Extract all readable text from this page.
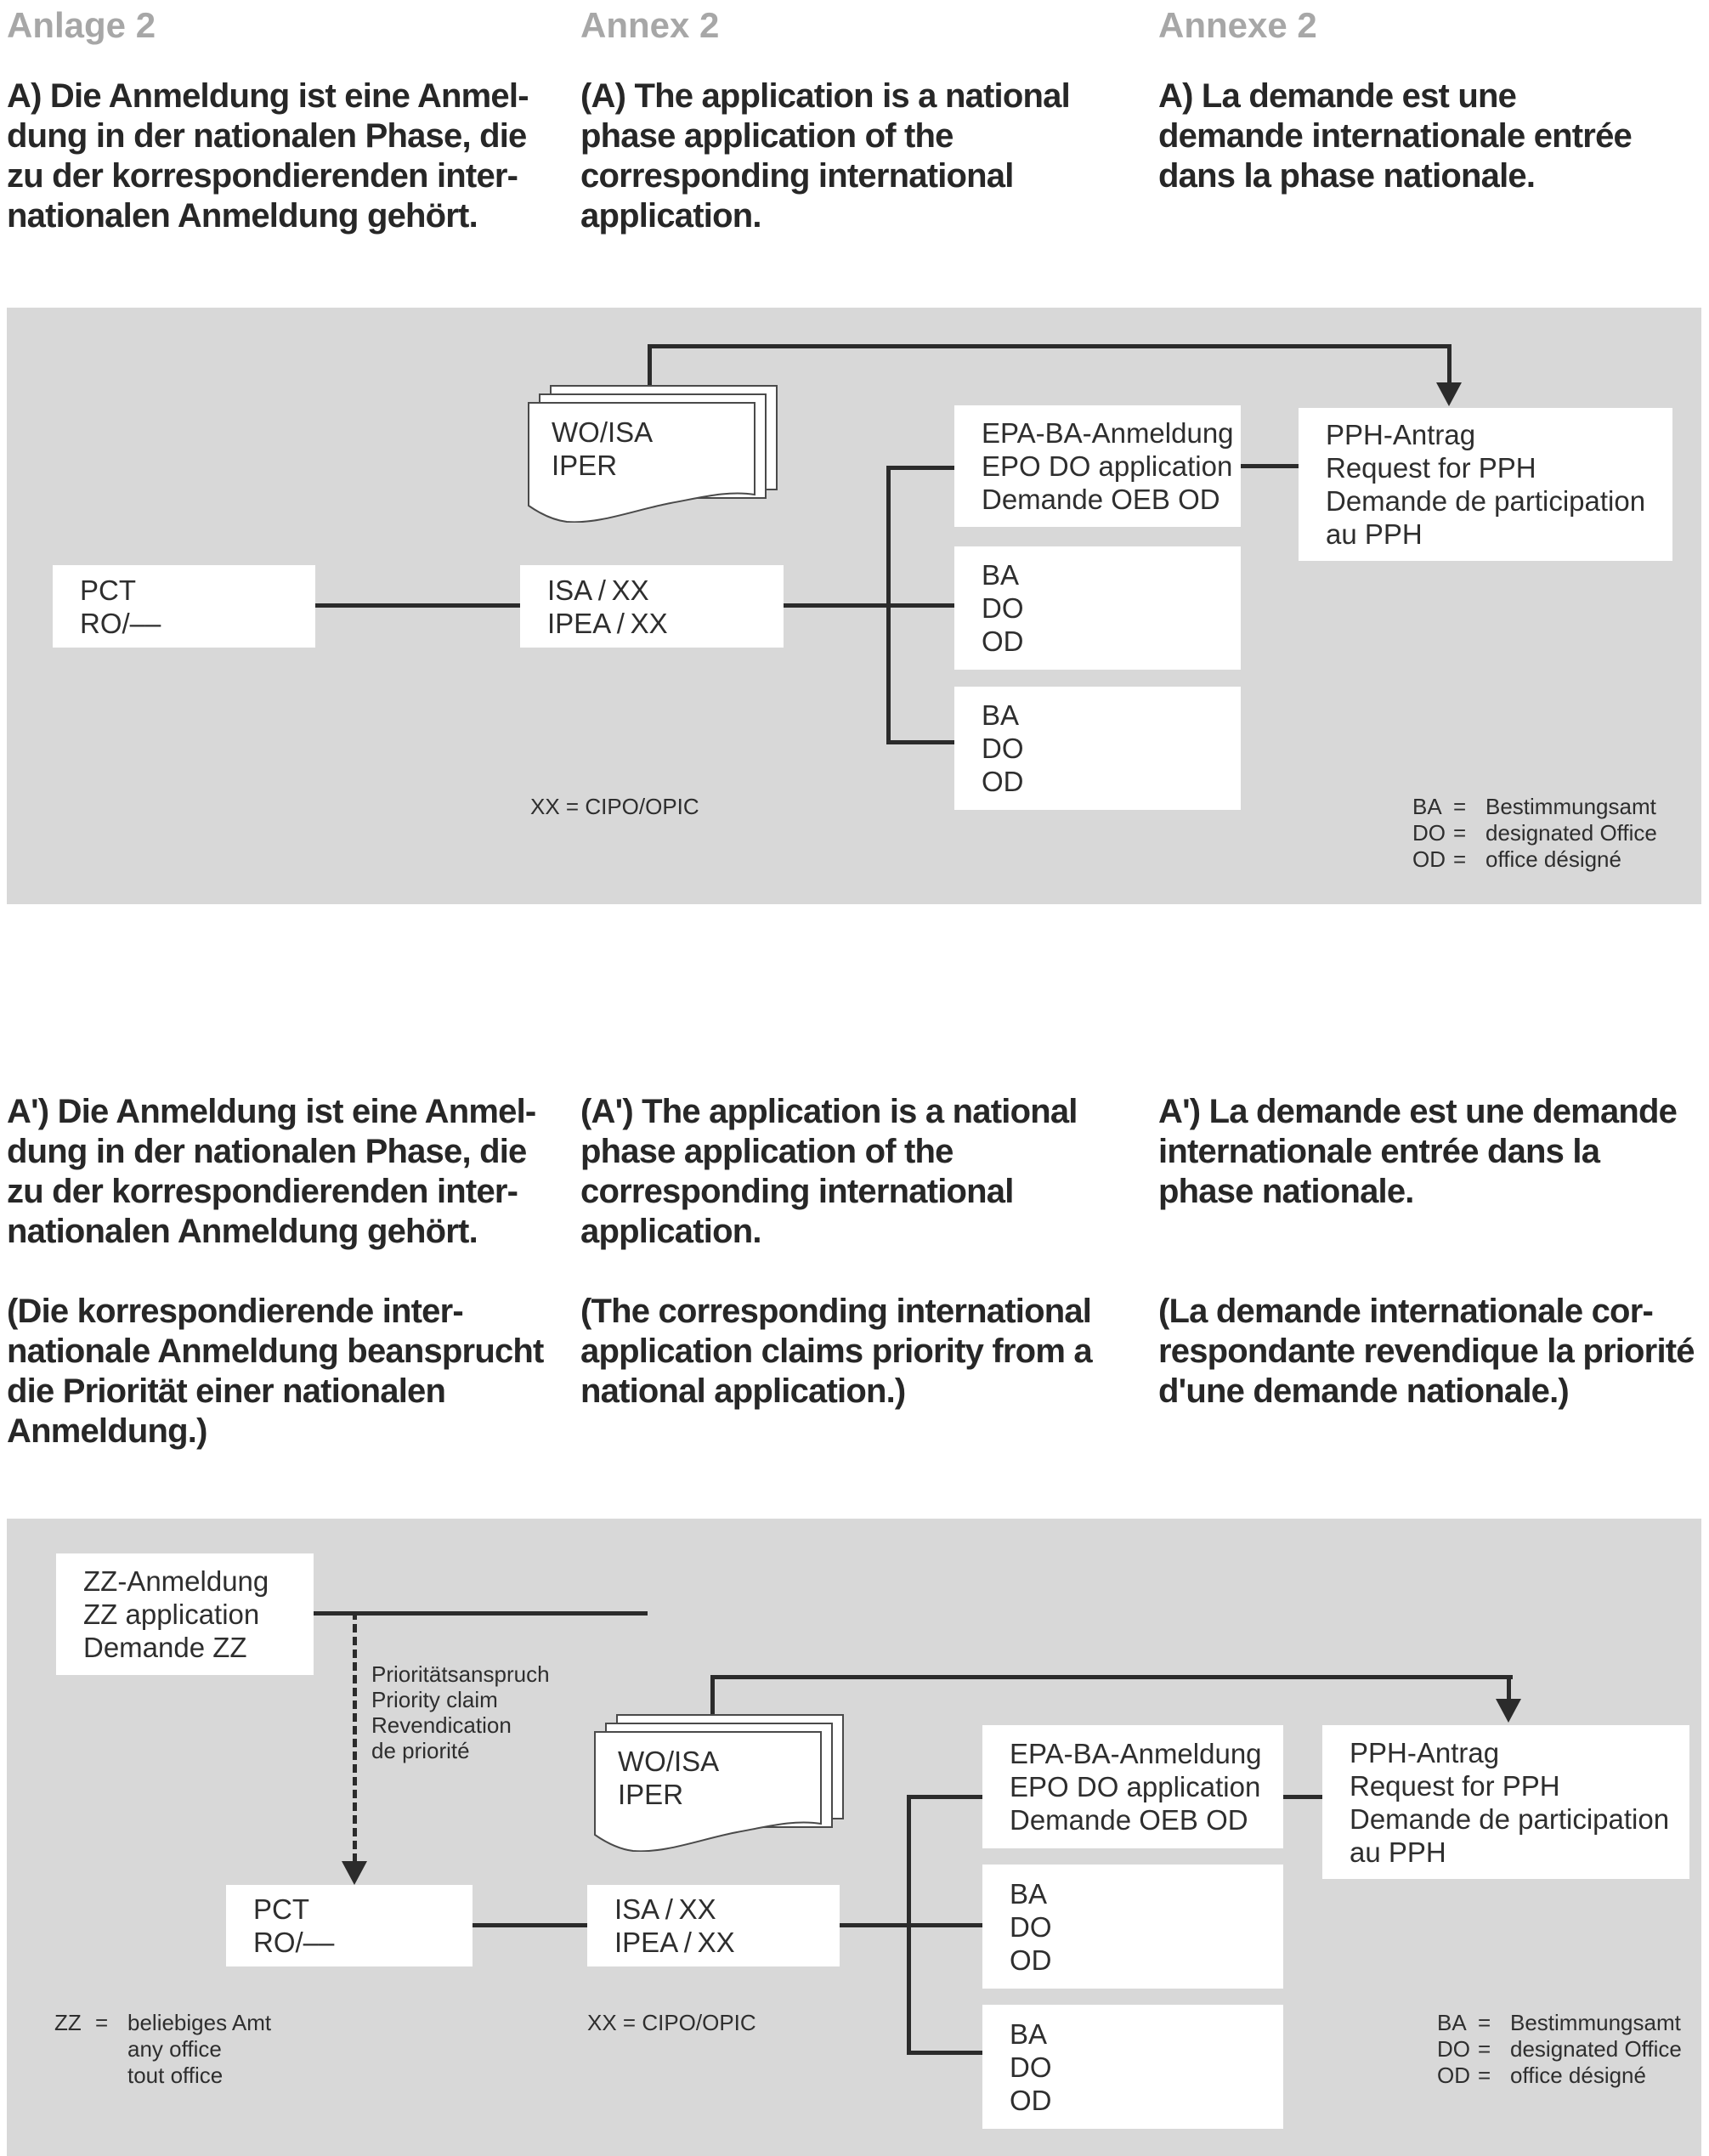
Anlage 2	Annex 2	Annexe 2
A) Die Anmeldung ist eine Anmel-
dung in der nationalen Phase, die
zu der korrespondierenden inter-
nationalen Anmeldung gehört.
(A) The application is a national
phase application of the
corresponding international
application.
A) La demande est une
demande internationale entrée
dans la phase nationale.
WO/ISA
IPER
PCT
RO/––
ISA / XX
IPEA / XX
EPA-BA-Anmeldung
EPO DO application
Demande OEB OD
PPH-Antrag
Request for PPH
Demande de participation
au PPH
BA
DO
OD
BA
DO
OD
XX = CIPO/OPIC	BA = Bestimmungsamt
DO = designated Office
OD = office désigné
A') Die Anmeldung ist eine Anmel-
dung in der nationalen Phase, die
zu der korrespondierenden inter-
nationalen Anmeldung gehört.
(Die korrespondierende inter-
nationale Anmeldung beansprucht
die Priorität einer nationalen
Anmeldung.)
(A') The application is a national
phase application of the
corresponding international
application.
(The corresponding international
application claims priority from a
national application.)
A') La demande est une demande
internationale entrée dans la
phase nationale.
(La demande internationale cor-
respondante revendique la priorité
d'une demande nationale.)
ZZ-Anmeldung
ZZ application
Demande ZZ
Prioritätsanspruch
Priority claim
Revendication
de priorité	WO/ISA
IPER
PCT
RO/––
ISA / XX
IPEA / XX
EPA-BA-Anmeldung
EPO DO application
Demande OEB OD
PPH-Antrag
Request for PPH
Demande de participation
au PPH
BA
DO
OD
BA
DO
OD
ZZ = beliebiges Amt
any office
tout office
XX = CIPO/OPIC	BA = Bestimmungsamt
DO = designated Office
OD = office désigné
